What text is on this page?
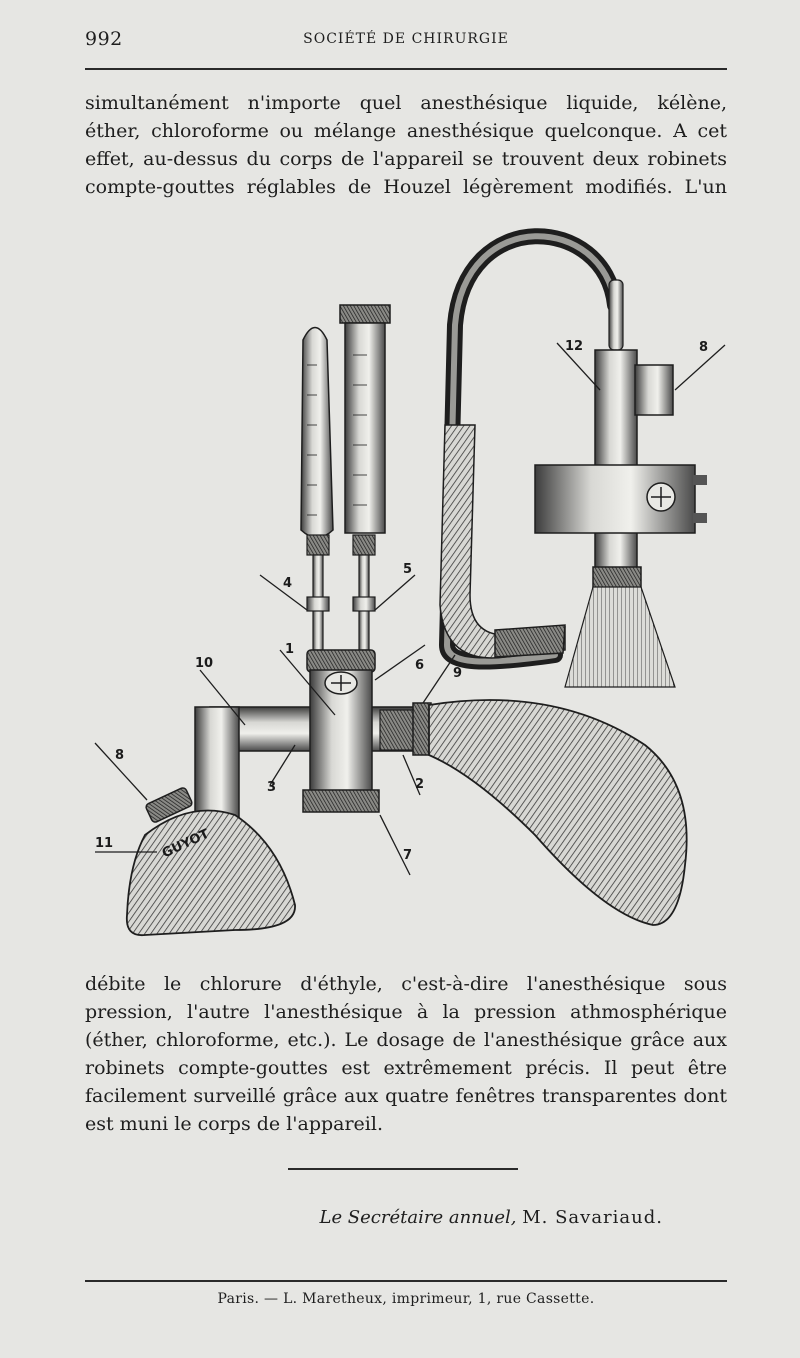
992	SOCIÉTÉ DE CHIRURGIE
simultanément n'importe quel anesthésique liquide, kélène,
éther, chloroforme ou mélange anesthésique quelconque. A cet
effet, au-dessus du corps de l'appareil se trouvent deux robinets
compte-gouttes réglables de Houzel légèrement modifiés. L'un
GUYOT
1
2
3
4
5
6
7
8
8
9
10
11
12
débite le chlorure d'éthyle, c'est-à-dire l'anesthésique sous
pression, l'autre l'anesthésique à la pression athmosphérique
(éther, chloroforme, etc.). Le dosage de l'anesthésique grâce aux
robinets compte-gouttes est extrêmement précis. Il peut être
facilement surveillé grâce aux quatre fenêtres transparentes dont
est muni le corps de l'appareil.
Le Secrétaire annuel, M. Savariaud.
Paris. — L. Maretheux, imprimeur, 1, rue Cassette.
